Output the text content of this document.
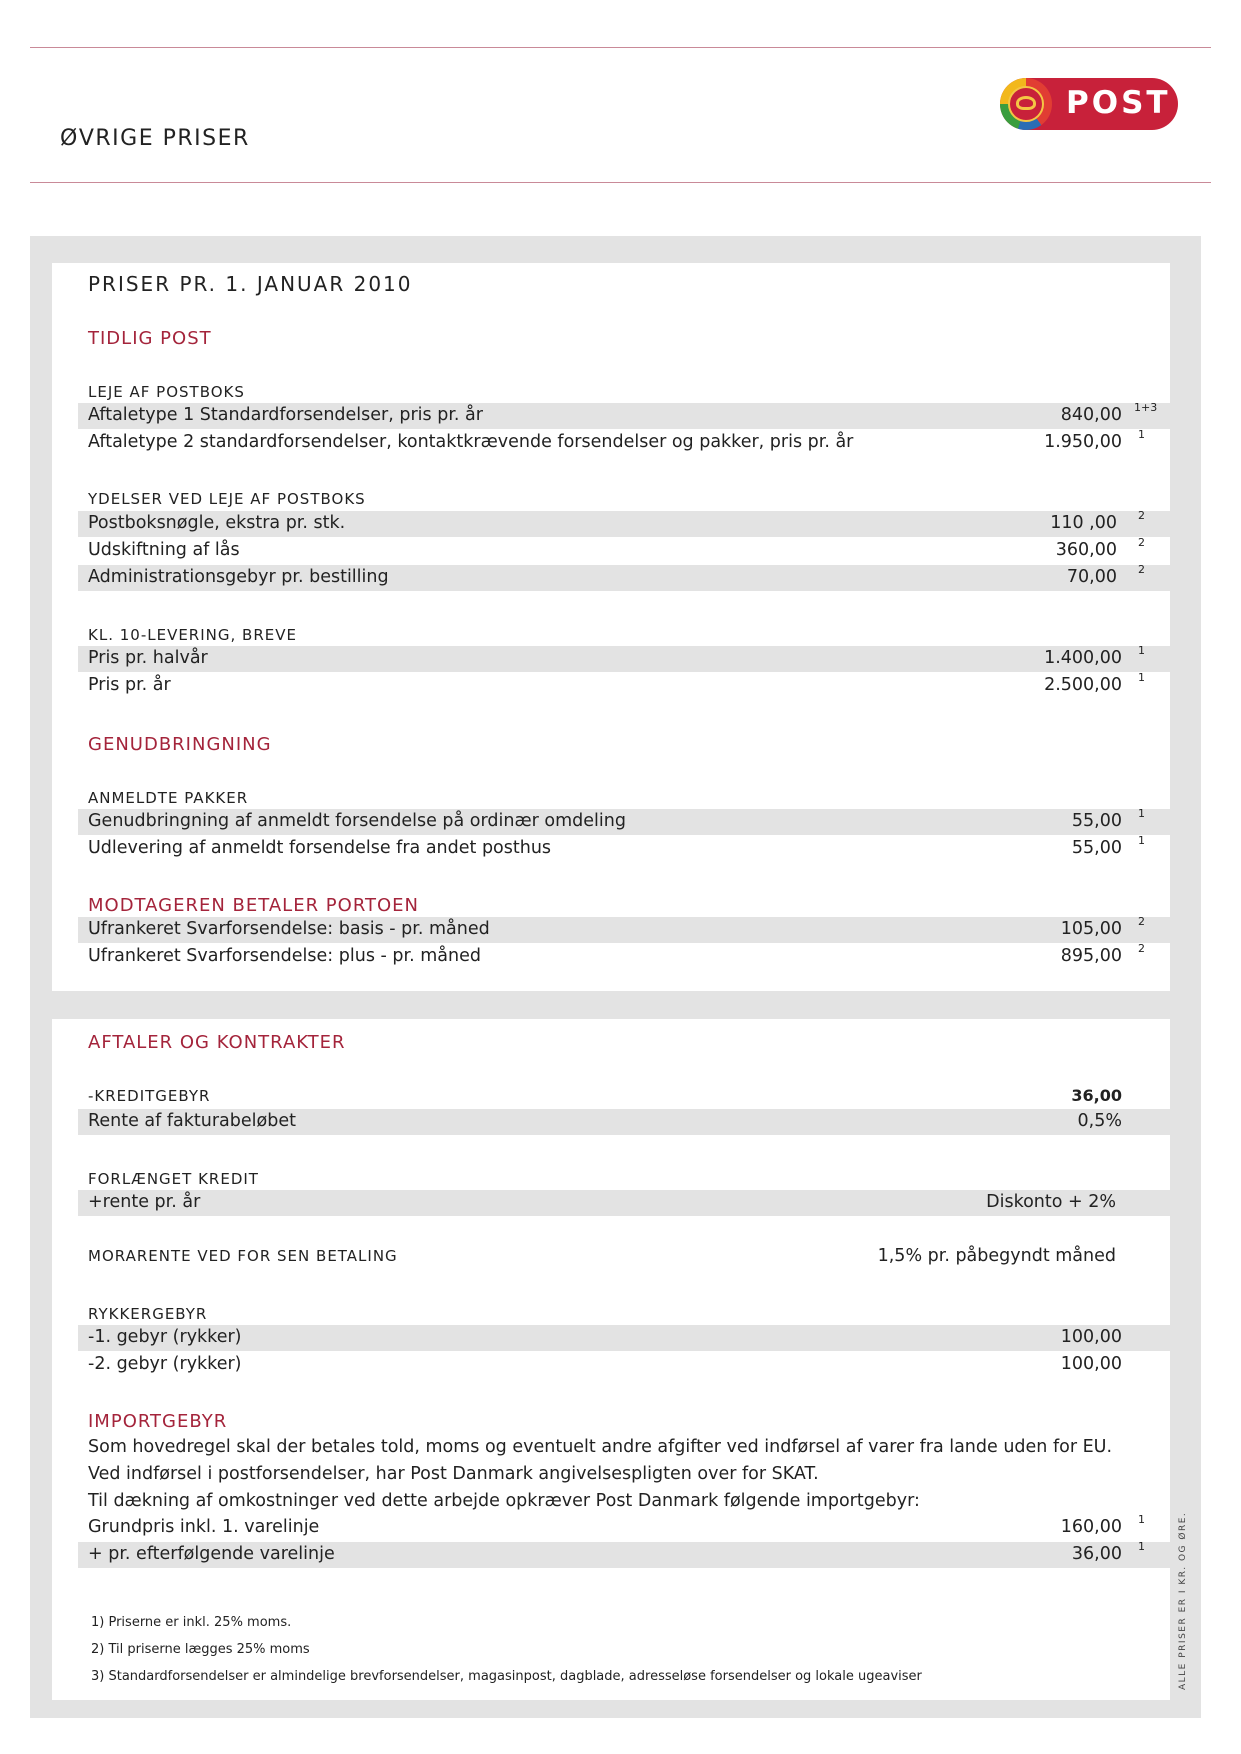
ØVRIGE PRISER
POST
PRISER PR. 1. JANUAR 2010
TIDLIG POST
LEJE AF POSTBOKS
Aftaletype 1 Standardforsendelser, pris pr. år	840,00 1+3
Aftaletype 2 standardforsendelser, kontaktkrævende forsendelser og pakker, pris pr. år	1.950,00 1
YDELSER VED LEJE AF POSTBOKS
Postboksnøgle, ekstra pr. stk.	110 ,00 2
Udskiftning af lås	360,00 2
Administrationsgebyr pr. bestilling	70,00 2
KL. 10-LEVERING, BREVE
Pris pr. halvår	1.400,00 1
Pris pr. år	2.500,00 1
GENUDBRINGNING
ANMELDTE PAKKER
Genudbringning af anmeldt forsendelse på ordinær omdeling	55,00 1
Udlevering af anmeldt forsendelse fra andet posthus	55,00 1
MODTAGEREN BETALER PORTOEN
Ufrankeret Svarforsendelse: basis - pr. måned	105,00 2
Ufrankeret Svarforsendelse: plus - pr. måned	895,00 2
AFTALER OG KONTRAKTER
-KREDITGEBYR	36,00
Rente af fakturabeløbet	0,5%
FORLÆNGET KREDIT
+rente pr. år	Diskonto + 2%
MORARENTE VED FOR SEN BETALING	1,5% pr. påbegyndt måned
RYKKERGEBYR
-1. gebyr (rykker)	100,00
-2. gebyr (rykker)	100,00
IMPORTGEBYR
Som hovedregel skal der betales told, moms og eventuelt andre afgifter ved indførsel af varer fra lande uden for EU.
Ved indførsel i postforsendelser, har Post Danmark angivelsespligten over for SKAT.
Til dækning af omkostninger ved dette arbejde opkræver Post Danmark følgende importgebyr:
Grundpris inkl. 1. varelinje	160,00 1
+ pr. efterfølgende varelinje	36,00 1
1) Priserne er inkl. 25% moms.
2) Til priserne lægges 25% moms
3) Standardforsendelser er almindelige brevforsendelser, magasinpost, dagblade, adresseløse forsendelser og lokale ugeaviser	ALLE PRISER ER I KR. OG ØRE.
